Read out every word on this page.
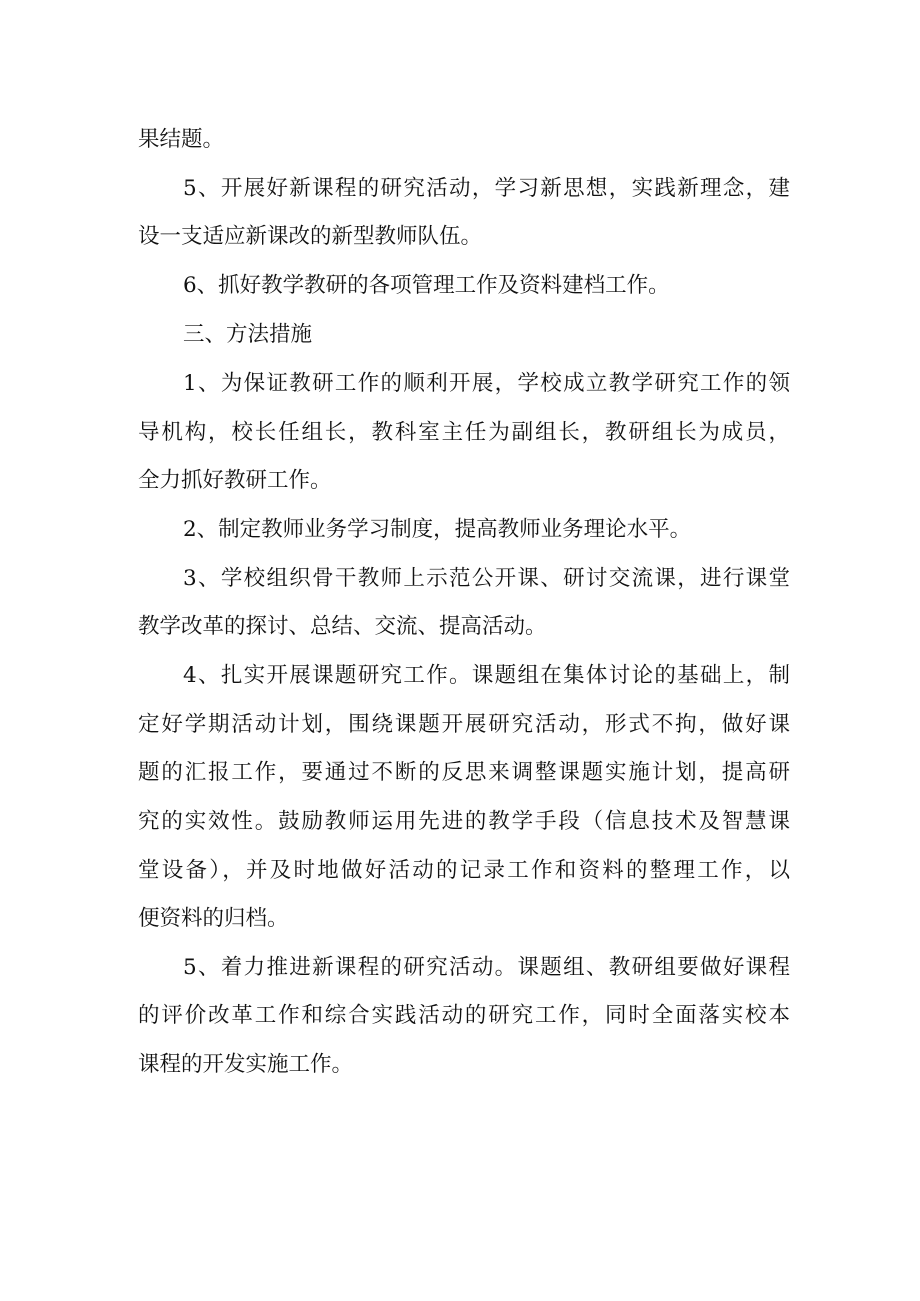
果结题。

5、开展好新课程的研究活动，学习新思想，实践新理念，建

设一支适应新课改的新型教师队伍。

6、抓好教学教研的各项管理工作及资料建档工作。

三、方法措施

1、为保证教研工作的顺利开展，学校成立教学研究工作的领

导机构，校长任组长，教科室主任为副组长，教研组长为成员，

全力抓好教研工作。

2、制定教师业务学习制度，提高教师业务理论水平。

3、学校组织骨干教师上示范公开课、研讨交流课，进行课堂

教学改革的探讨、总结、交流、提高活动。

4、扎实开展课题研究工作。课题组在集体讨论的基础上，制

定好学期活动计划，围绕课题开展研究活动，形式不拘，做好课

题的汇报工作，要通过不断的反思来调整课题实施计划，提高研

究的实效性。鼓励教师运用先进的教学手段（信息技术及智慧课

堂设备），并及时地做好活动的记录工作和资料的整理工作，以

便资料的归档。

5、着力推进新课程的研究活动。课题组、教研组要做好课程

的评价改革工作和综合实践活动的研究工作，同时全面落实校本

课程的开发实施工作。
